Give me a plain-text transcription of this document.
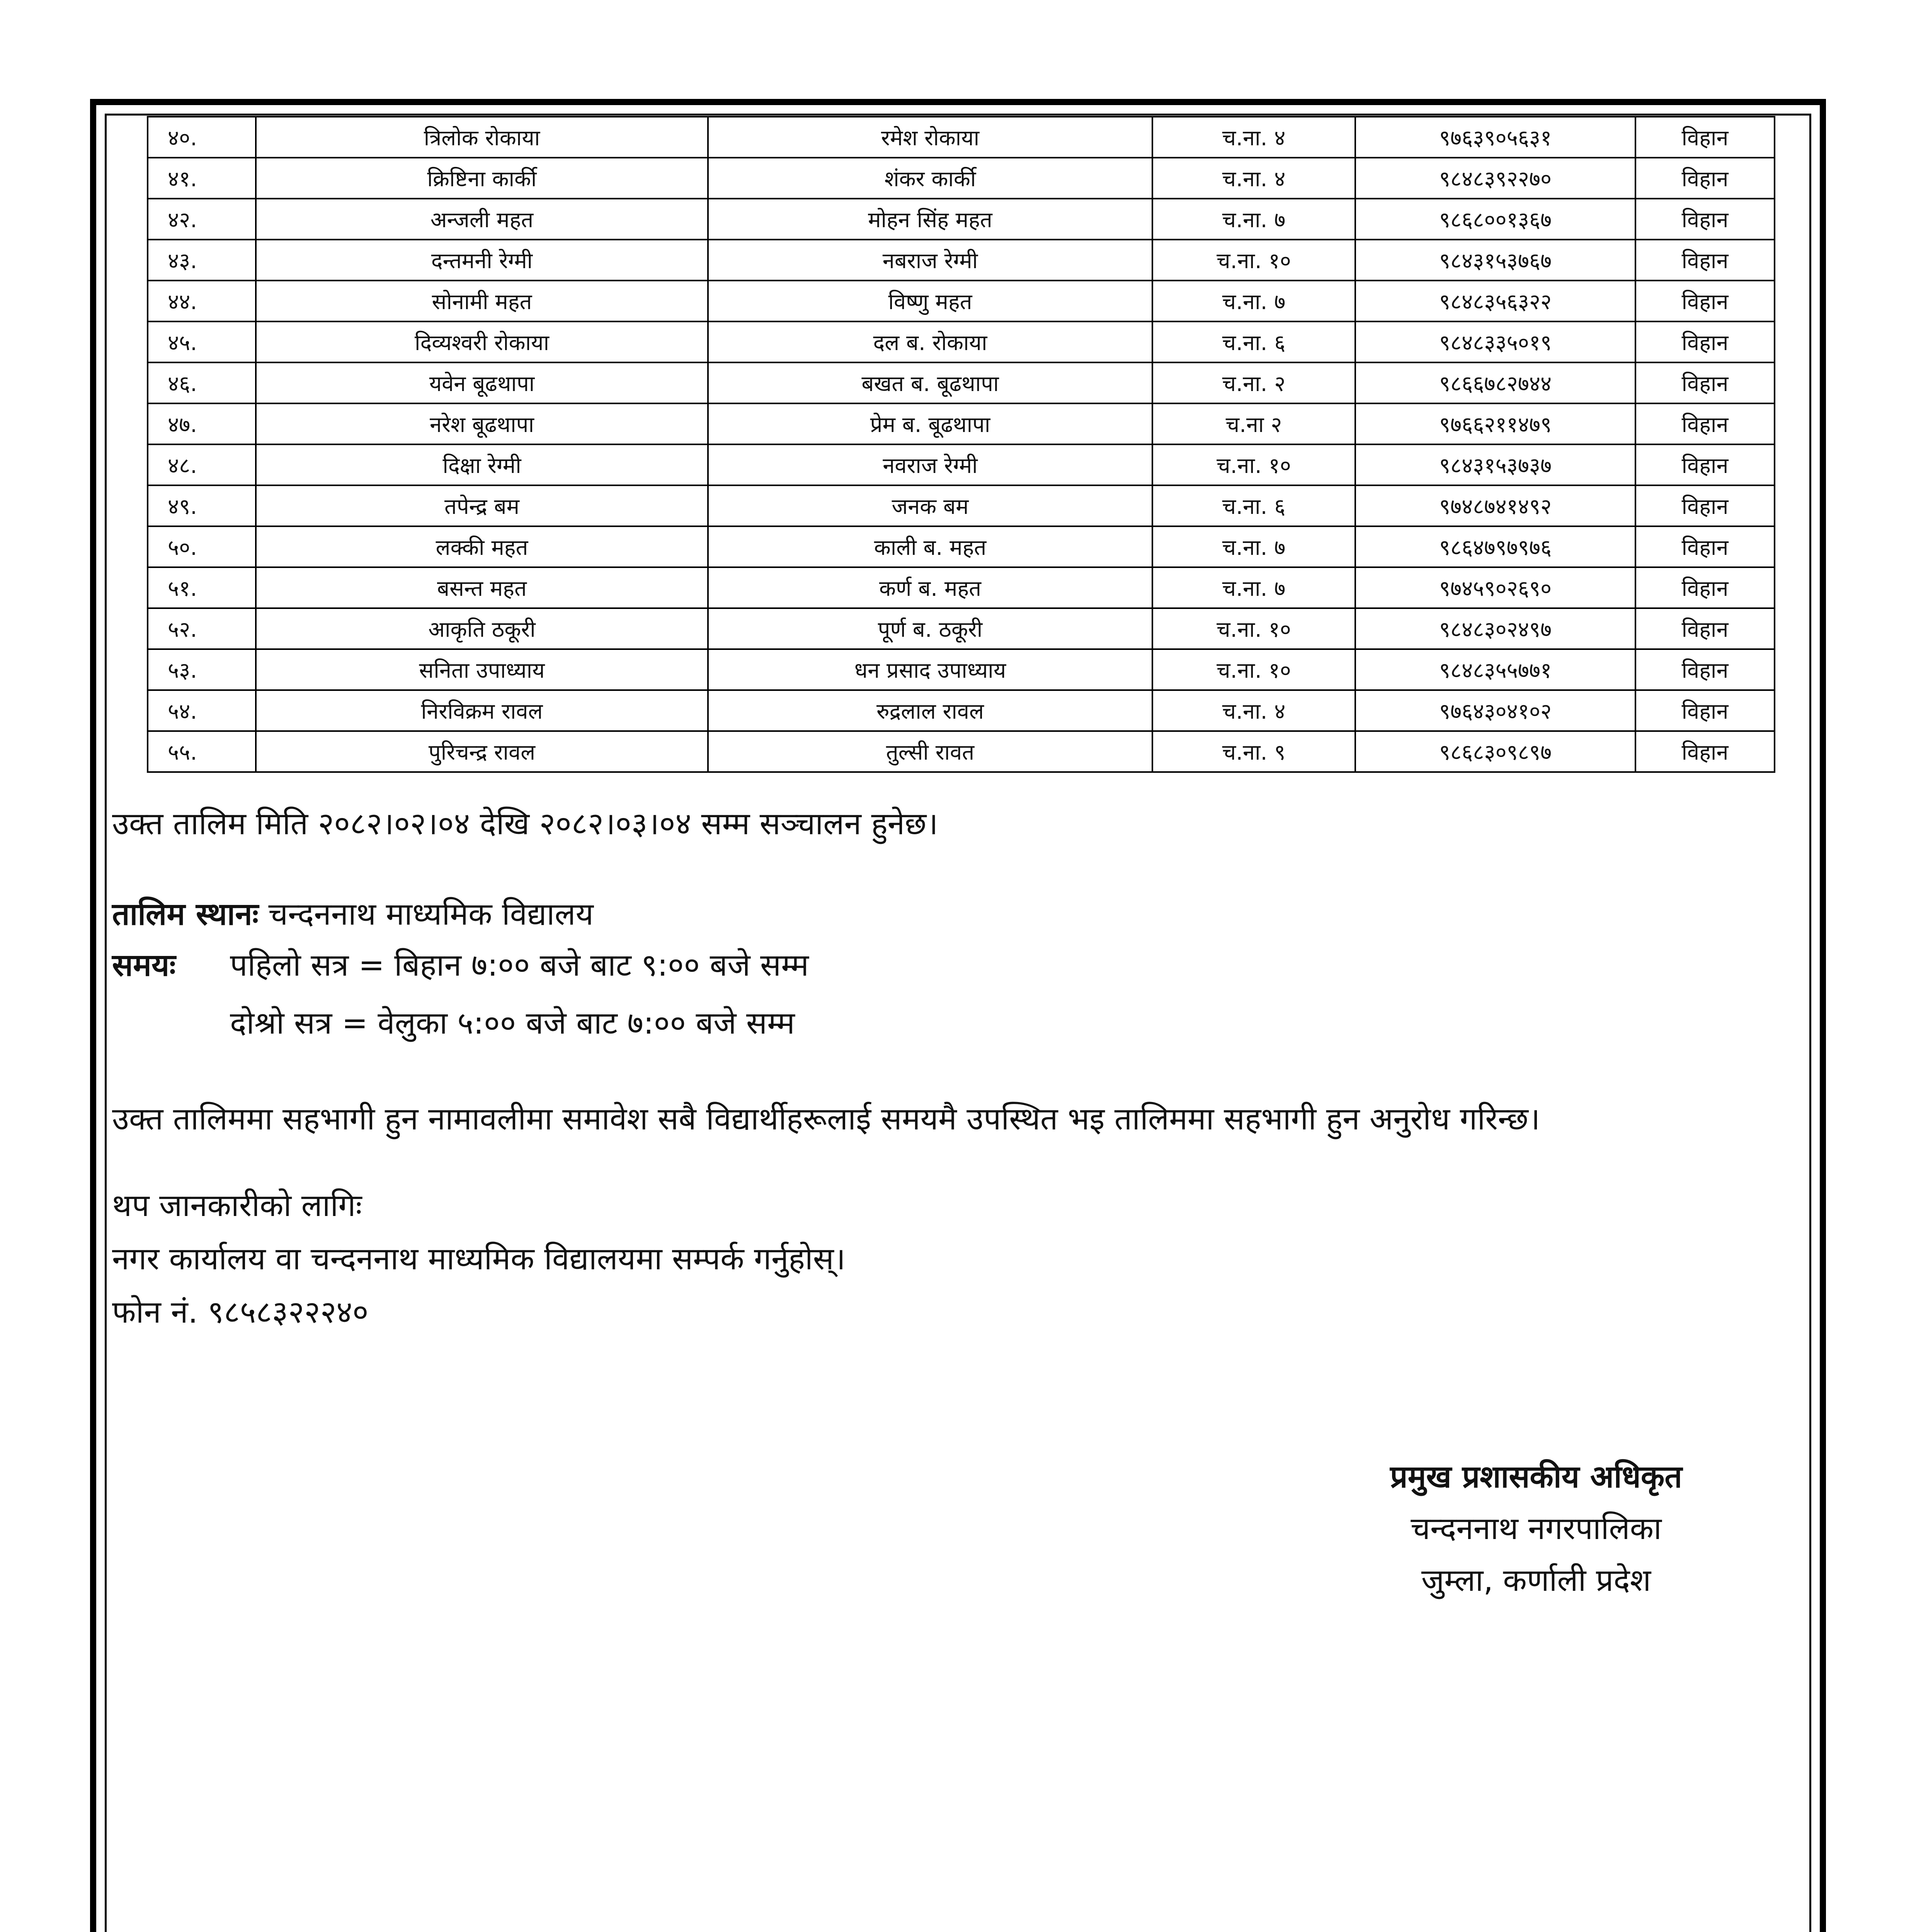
४०.	त्रिलोक रोकाया	रमेश रोकाया	च.ना. ४	९७६३९०५६३१	विहान
४१.	क्रिष्टिना कार्की	शंकर कार्की	च.ना. ४	९८४८३९२२७०	विहान
४२.	अन्जली महत	मोहन सिंह महत	च.ना. ७	९८६८००१३६७	विहान
४३.	दन्तमनी रेग्मी	नबराज रेग्मी	च.ना. १०	९८४३१५३७६७	विहान
४४.	सोनामी महत	विष्णु महत	च.ना. ७	९८४८३५६३२२	विहान
४५.	दिव्यश्वरी रोकाया	दल ब. रोकाया	च.ना. ६	९८४८३३५०१९	विहान
४६.	यवेन बूढथापा	बखत ब. बूढथापा	च.ना. २	९८६६७८२७४४	विहान
४७.	नरेश बूढथापा	प्रेम ब. बूढथापा	च.ना २	९७६६२११४७९	विहान
४८.	दिक्षा रेग्मी	नवराज रेग्मी	च.ना. १०	९८४३१५३७३७	विहान
४९.	तपेन्द्र बम	जनक बम	च.ना. ६	९७४८७४१४९२	विहान
५०.	लक्की महत	काली ब. महत	च.ना. ७	९८६४७९७९७६	विहान
५१.	बसन्त महत	कर्ण ब. महत	च.ना. ७	९७४५९०२६९०	विहान
५२.	आकृति ठकूरी	पूर्ण ब. ठकूरी	च.ना. १०	९८४८३०२४९७	विहान
५३.	सनिता उपाध्याय	धन प्रसाद उपाध्याय	च.ना. १०	९८४८३५५७७१	विहान
५४.	निरविक्रम रावल	रुद्रलाल रावल	च.ना. ४	९७६४३०४१०२	विहान
५५.	पुरिचन्द्र रावल	तुल्सी रावत	च.ना. ९	९८६८३०९८९७	विहान
उक्त तालिम मिति २०८२।०२।०४ देखि २०८२।०३।०४ सम्म सञ्चालन हुनेछ।
तालिम स्थानः चन्दननाथ माध्यमिक विद्यालय
समयः पहिलो सत्र = बिहान ७:०० बजे बाट ९:०० बजे सम्म
दोश्रो सत्र = वेलुका ५:०० बजे बाट ७:०० बजे सम्म
उक्त तालिममा सहभागी हुन नामावलीमा समावेश सबै विद्यार्थीहरूलाई समयमै उपस्थित भइ तालिममा सहभागी हुन अनुरोध गरिन्छ।
थप जानकारीको लागिः
नगर कार्यालय वा चन्दननाथ माध्यमिक विद्यालयमा सम्पर्क गर्नुहोस्।
फोन नं. ९८५८३२२२४०
प्रमुख प्रशासकीय अधिकृत
चन्दननाथ नगरपालिका
जुम्ला, कर्णाली प्रदेश
